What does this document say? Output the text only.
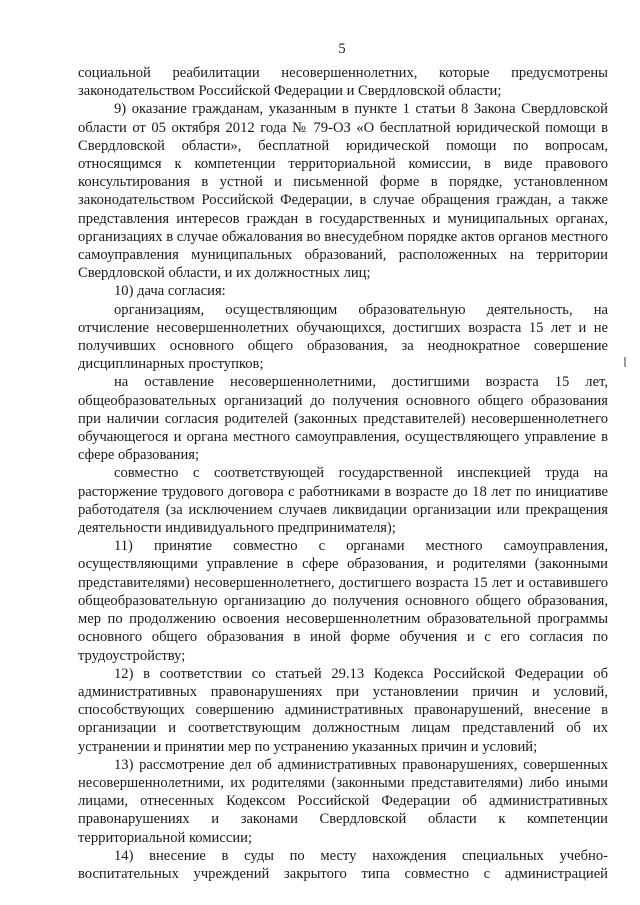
5

социальной реабилитации несовершеннолетних, которые предусмотрены законодательством Российской Федерации и Свердловской области;

9) оказание гражданам, указанным в пункте 1 статьи 8 Закона Свердловской области от 05 октября 2012 года № 79-ОЗ «О бесплатной юридической помощи в Свердловской области», бесплатной юридической помощи по вопросам, относящимся к компетенции территориальной комиссии, в виде правового консультирования в устной и письменной форме в порядке, установленном законодательством Российской Федерации, в случае обращения граждан, а также представления интересов граждан в государственных и муниципальных органах, организациях в случае обжалования во внесудебном порядке актов органов местного самоуправления муниципальных образований, расположенных на территории Свердловской области, и их должностных лиц;

10) дача согласия:

организациям, осуществляющим образовательную деятельность, на отчисление несовершеннолетних обучающихся, достигших возраста 15 лет и не получивших основного общего образования, за неоднократное совершение дисциплинарных проступков;

на оставление несовершеннолетними, достигшими возраста 15 лет, общеобразовательных организаций до получения основного общего образования при наличии согласия родителей (законных представителей) несовершеннолетнего обучающегося и органа местного самоуправления, осуществляющего управление в сфере образования;

совместно с соответствующей государственной инспекцией труда на расторжение трудового договора с работниками в возрасте до 18 лет по инициативе работодателя (за исключением случаев ликвидации организации или прекращения деятельности индивидуального предпринимателя);

11) принятие совместно с органами местного самоуправления, осуществляющими управление в сфере образования, и родителями (законными представителями) несовершеннолетнего, достигшего возраста 15 лет и оставившего общеобразовательную организацию до получения основного общего образования, мер по продолжению освоения несовершеннолетним образовательной программы основного общего образования в иной форме обучения и с его согласия по трудоустройству;

12) в соответствии со статьей 29.13 Кодекса Российской Федерации об административных правонарушениях при установлении причин и условий, способствующих совершению административных правонарушений, внесение в организации и соответствующим должностным лицам представлений об их устранении и принятии мер по устранению указанных причин и условий;

13) рассмотрение дел об административных правонарушениях, совершенных несовершеннолетними, их родителями (законными представителями) либо иными лицами, отнесенных Кодексом Российской Федерации об административных правонарушениях и законами Свердловской области к компетенции территориальной комиссии;

14) внесение в суды по месту нахождения специальных учебно-воспитательных учреждений закрытого типа совместно с администрацией
